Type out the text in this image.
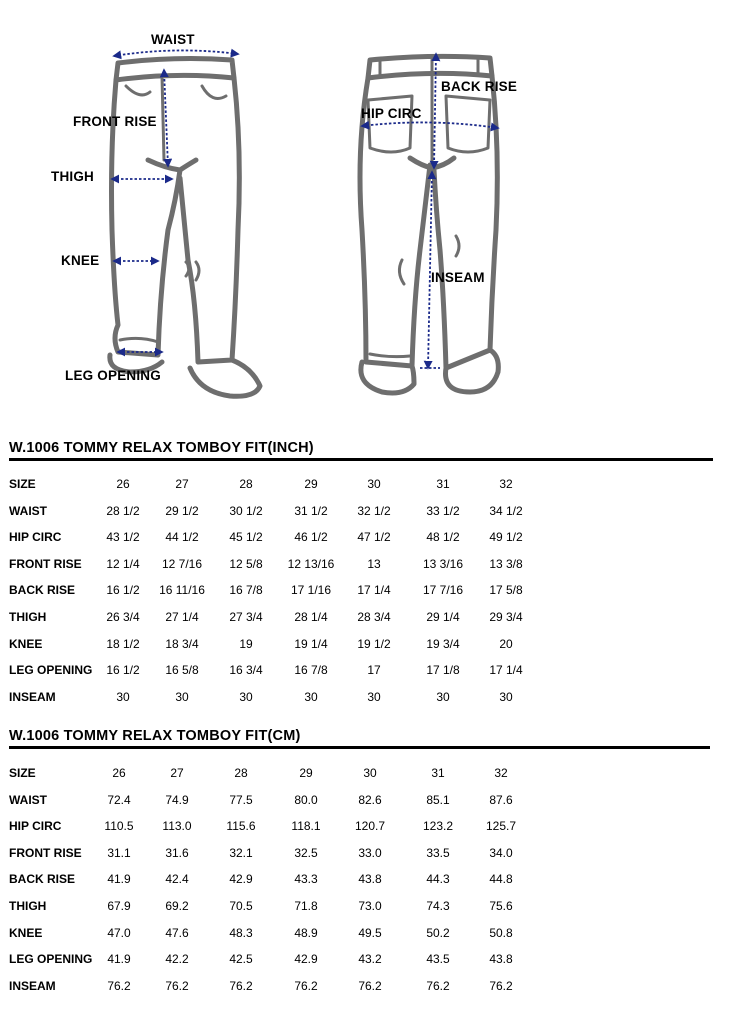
WAIST
FRONT RISE
THIGH
KNEE
LEG OPENING
BACK RISE
HIP CIRC
INSEAM
W.1006 TOMMY RELAX TOMBOY FIT(INCH)
SIZE	26	27	28	29	30	31	32
WAIST	28 1/2	29 1/2	30 1/2	31 1/2	32 1/2	33 1/2	34 1/2
HIP CIRC	43 1/2	44 1/2	45 1/2	46 1/2	47 1/2	48 1/2	49 1/2
FRONT RISE	12 1/4	12 7/16	12 5/8	12 13/16	13	13 3/16	13 3/8
BACK RISE	16 1/2	16 11/16	16 7/8	17 1/16	17 1/4	17 7/16	17 5/8
THIGH	26 3/4	27 1/4	27 3/4	28 1/4	28 3/4	29 1/4	29 3/4
KNEE	18 1/2	18 3/4	19	19 1/4	19 1/2	19 3/4	20
LEG OPENING	16 1/2	16 5/8	16 3/4	16 7/8	17	17 1/8	17 1/4
INSEAM	30	30	30	30	30	30	30
W.1006 TOMMY RELAX TOMBOY FIT(CM)
SIZE	26	27	28	29	30	31	32
WAIST	72.4	74.9	77.5	80.0	82.6	85.1	87.6
HIP CIRC	110.5	113.0	115.6	118.1	120.7	123.2	125.7
FRONT RISE	31.1	31.6	32.1	32.5	33.0	33.5	34.0
BACK RISE	41.9	42.4	42.9	43.3	43.8	44.3	44.8
THIGH	67.9	69.2	70.5	71.8	73.0	74.3	75.6
KNEE	47.0	47.6	48.3	48.9	49.5	50.2	50.8
LEG OPENING	41.9	42.2	42.5	42.9	43.2	43.5	43.8
INSEAM	76.2	76.2	76.2	76.2	76.2	76.2	76.2
